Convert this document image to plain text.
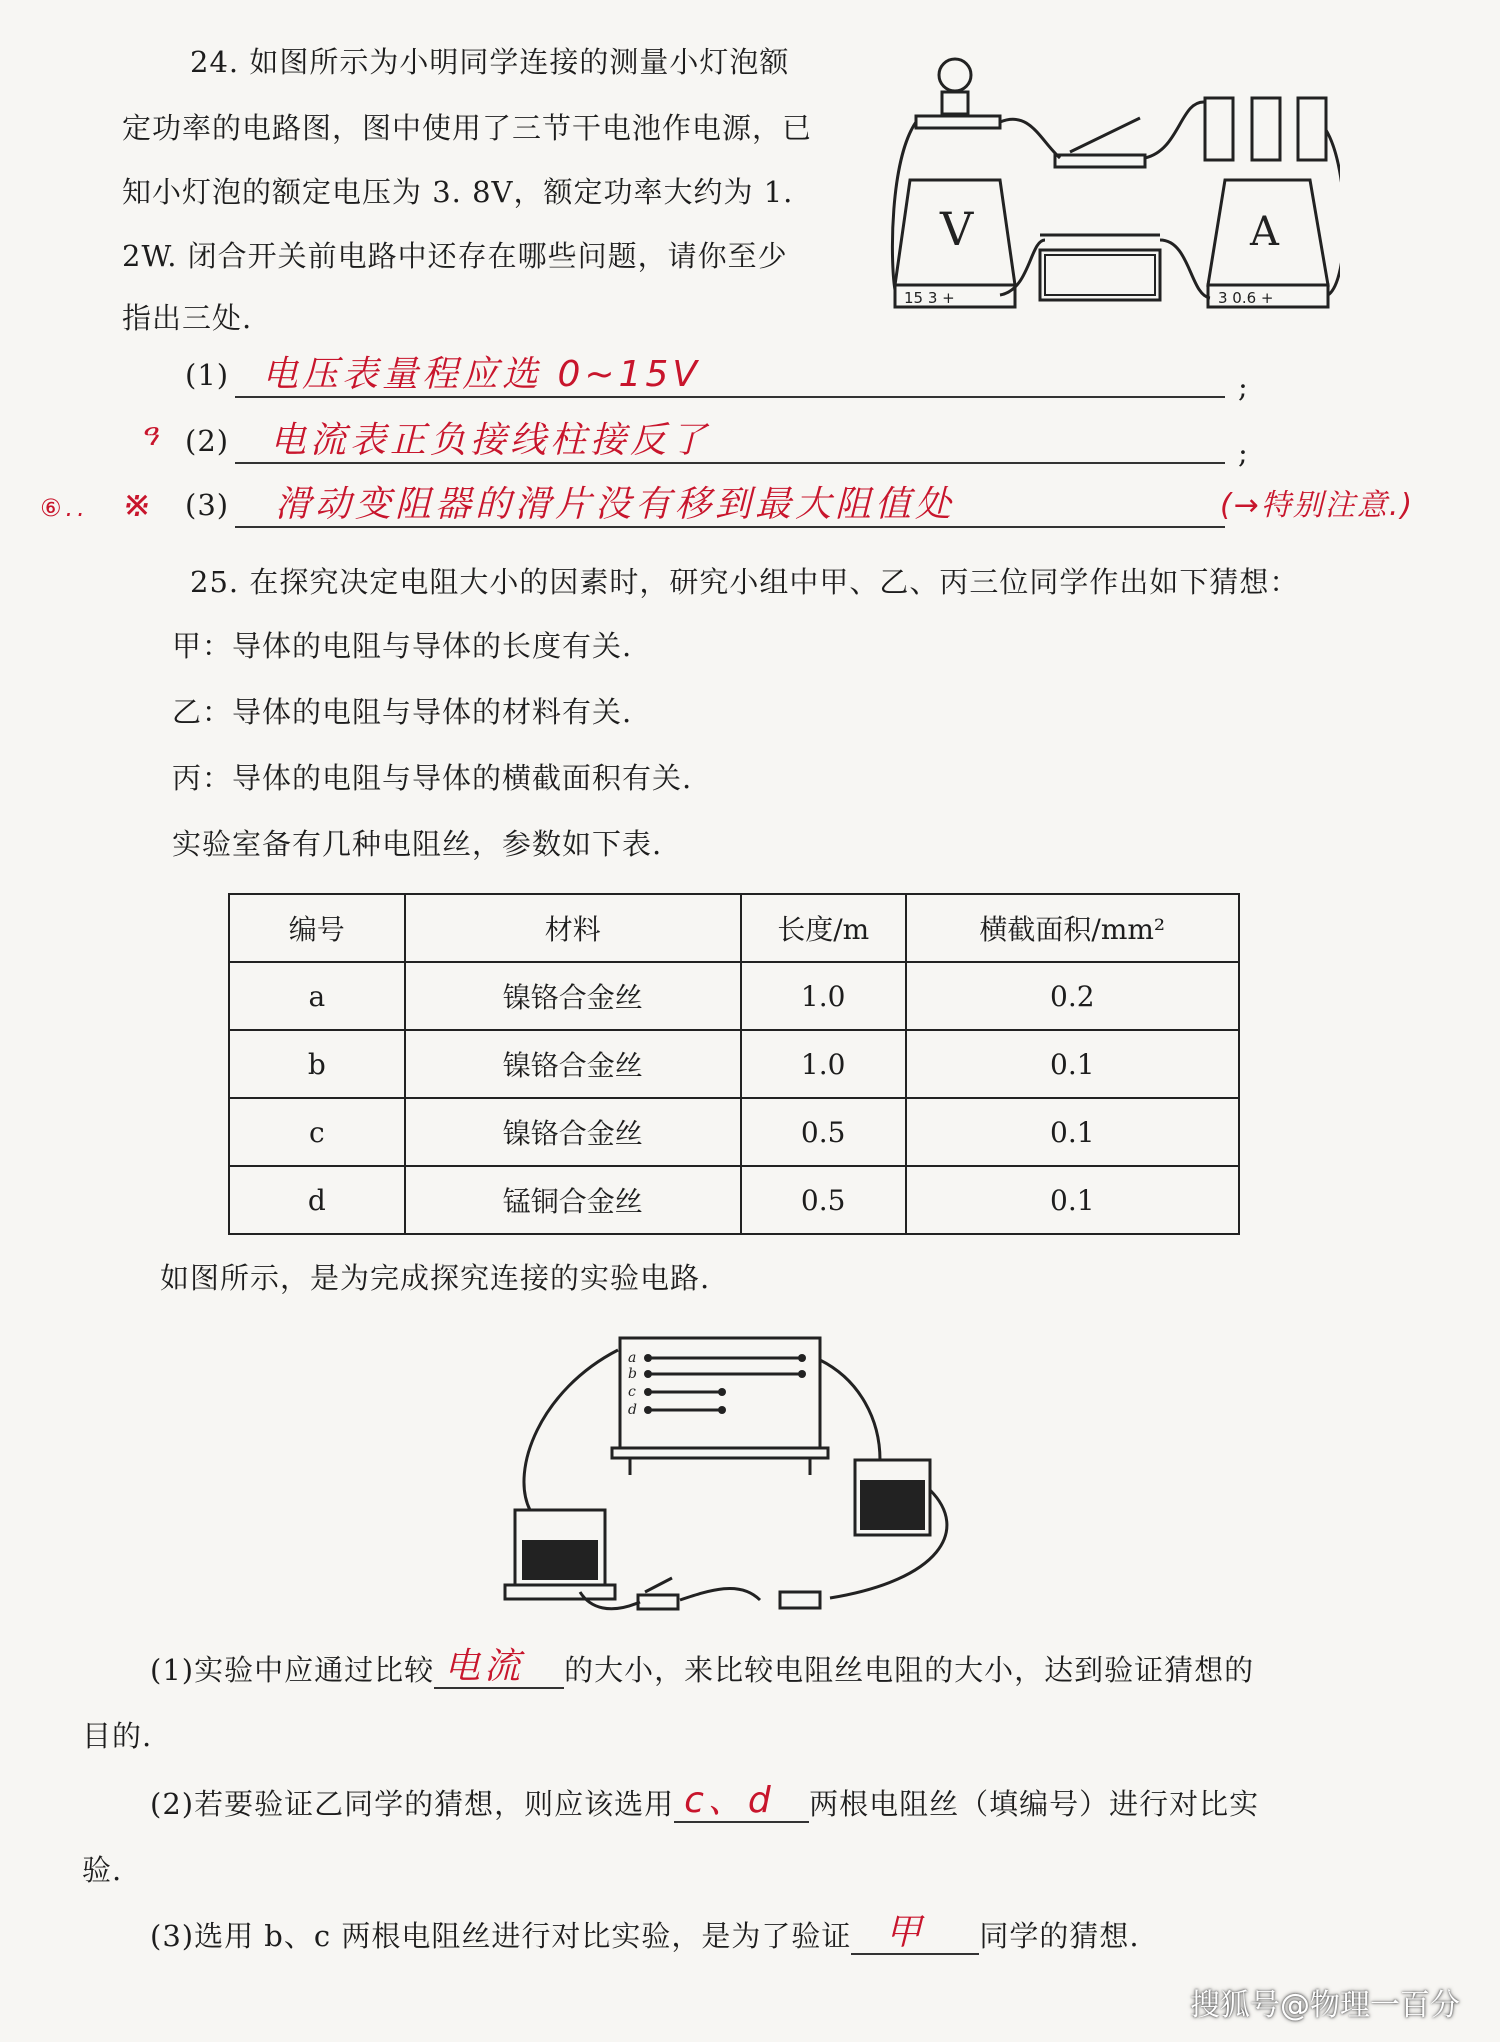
24. 如图所示为小明同学连接的测量小灯泡额
定功率的电路图，图中使用了三节干电池作电源，已
知小灯泡的额定电压为 3. 8V，额定功率大约为 1.
2W. 闭合开关前电路中还存在哪些问题，请你至少
指出三处.
V	A
15 3 +	3 0.6 +
(1) 电压表量程应选 0~15V	;
ዓ (2) 电流表正负接线柱接反了	;
⑥.. ※ (3) 滑动变阻器的滑片没有移到最大阻值处	(→特别注意.)
25. 在探究决定电阻大小的因素时，研究小组中甲、乙、丙三位同学作出如下猜想：
甲：导体的电阻与导体的长度有关.
乙：导体的电阻与导体的材料有关.
丙：导体的电阻与导体的横截面积有关.
实验室备有几种电阻丝，参数如下表.
编号	材料	长度/m	横截面积/mm²
a	镍铬合金丝	1.0	0.2
b	镍铬合金丝	1.0	0.1
c	镍铬合金丝	0.5	0.1
d	锰铜合金丝	0.5	0.1
如图所示，是为完成探究连接的实验电路.
a
b
c
d
(1)实验中应通过比较 电流 的大小，来比较电阻丝电阻的大小，达到验证猜想的
目的.
(2)若要验证乙同学的猜想，则应该选用 c、d 两根电阻丝（填编号）进行对比实
验.
(3)选用 b、c 两根电阻丝进行对比实验，是为了验证 甲 同学的猜想.
搜狐号@物理一百分
